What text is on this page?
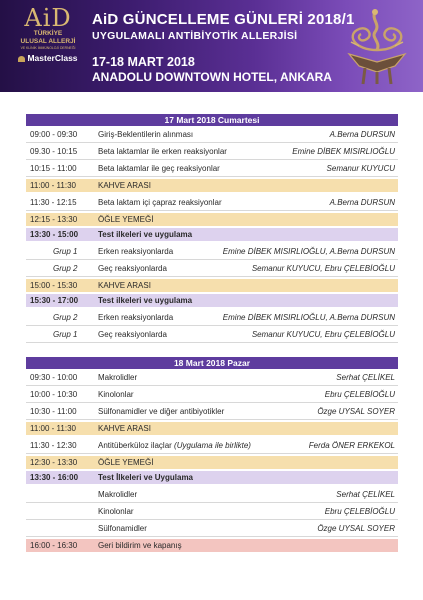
AiD
TÜRKİYE
ULUSAL ALLERJİ
VE KLİNİK İMMÜNOLOJİ DERNEĞİ
MasterClass
AiD GÜNCELLEME GÜNLERİ 2018/1
UYGULAMALI ANTİBİYOTİK ALLERJİSİ
17-18 MART 2018
ANADOLU DOWNTOWN HOTEL, ANKARA
17 Mart 2018 Cumartesi
09:00 - 09:30	Giriş-Beklentilerin alınması	A.Berna DURSUN
09.30 - 10:15	Beta laktamlar ile erken reaksiyonlar	Emine DİBEK MISIRLIOĞLU
10:15 - 11:00	Beta laktamlar ile geç reaksiyonlar	Semanur KUYUCU
11:00 - 11:30	KAHVE ARASI
11:30 - 12:15	Beta laktam içi çapraz reaksiyonlar	A.Berna DURSUN
12:15 - 13:30	ÖĞLE YEMEĞİ
13:30 - 15:00 Test ilkeleri ve uygulama
Grup 1	Erken reaksiyonlarda	Emine DİBEK MISIRLIOĞLU, A.Berna DURSUN
Grup 2	Geç reaksiyonlarda	Semanur KUYUCU, Ebru ÇELEBİOĞLU
15:00 - 15:30	KAHVE ARASI
15:30 - 17:00 Test ilkeleri ve uygulama
Grup 2	Erken reaksiyonlarda	Emine DİBEK MISIRLIOĞLU, A.Berna DURSUN
Grup 1	Geç reaksiyonlarda	Semanur KUYUCU, Ebru ÇELEBİOĞLU
18 Mart 2018 Pazar
09:30 - 10:00	Makrolidler	Serhat ÇELİKEL
10:00 - 10:30	Kinolonlar	Ebru ÇELEBİOĞLU
10:30 - 11:00	Sülfonamidler ve diğer antibiyotikler	Özge UYSAL SOYER
11:00 - 11:30	KAHVE ARASI
11:30 - 12:30	Antitüberküloz ilaçlar (Uygulama ile birlikte)	Ferda ÖNER ERKEKOL
12:30 - 13:30	ÖĞLE YEMEĞİ
13:30 - 16:00 Test İlkeleri ve Uygulama
Makrolidler	Serhat ÇELİKEL
Kinolonlar	Ebru ÇELEBİOĞLU
Sülfonamidler	Özge UYSAL SOYER
16:00 - 16:30	Geri bildirim ve kapanış
